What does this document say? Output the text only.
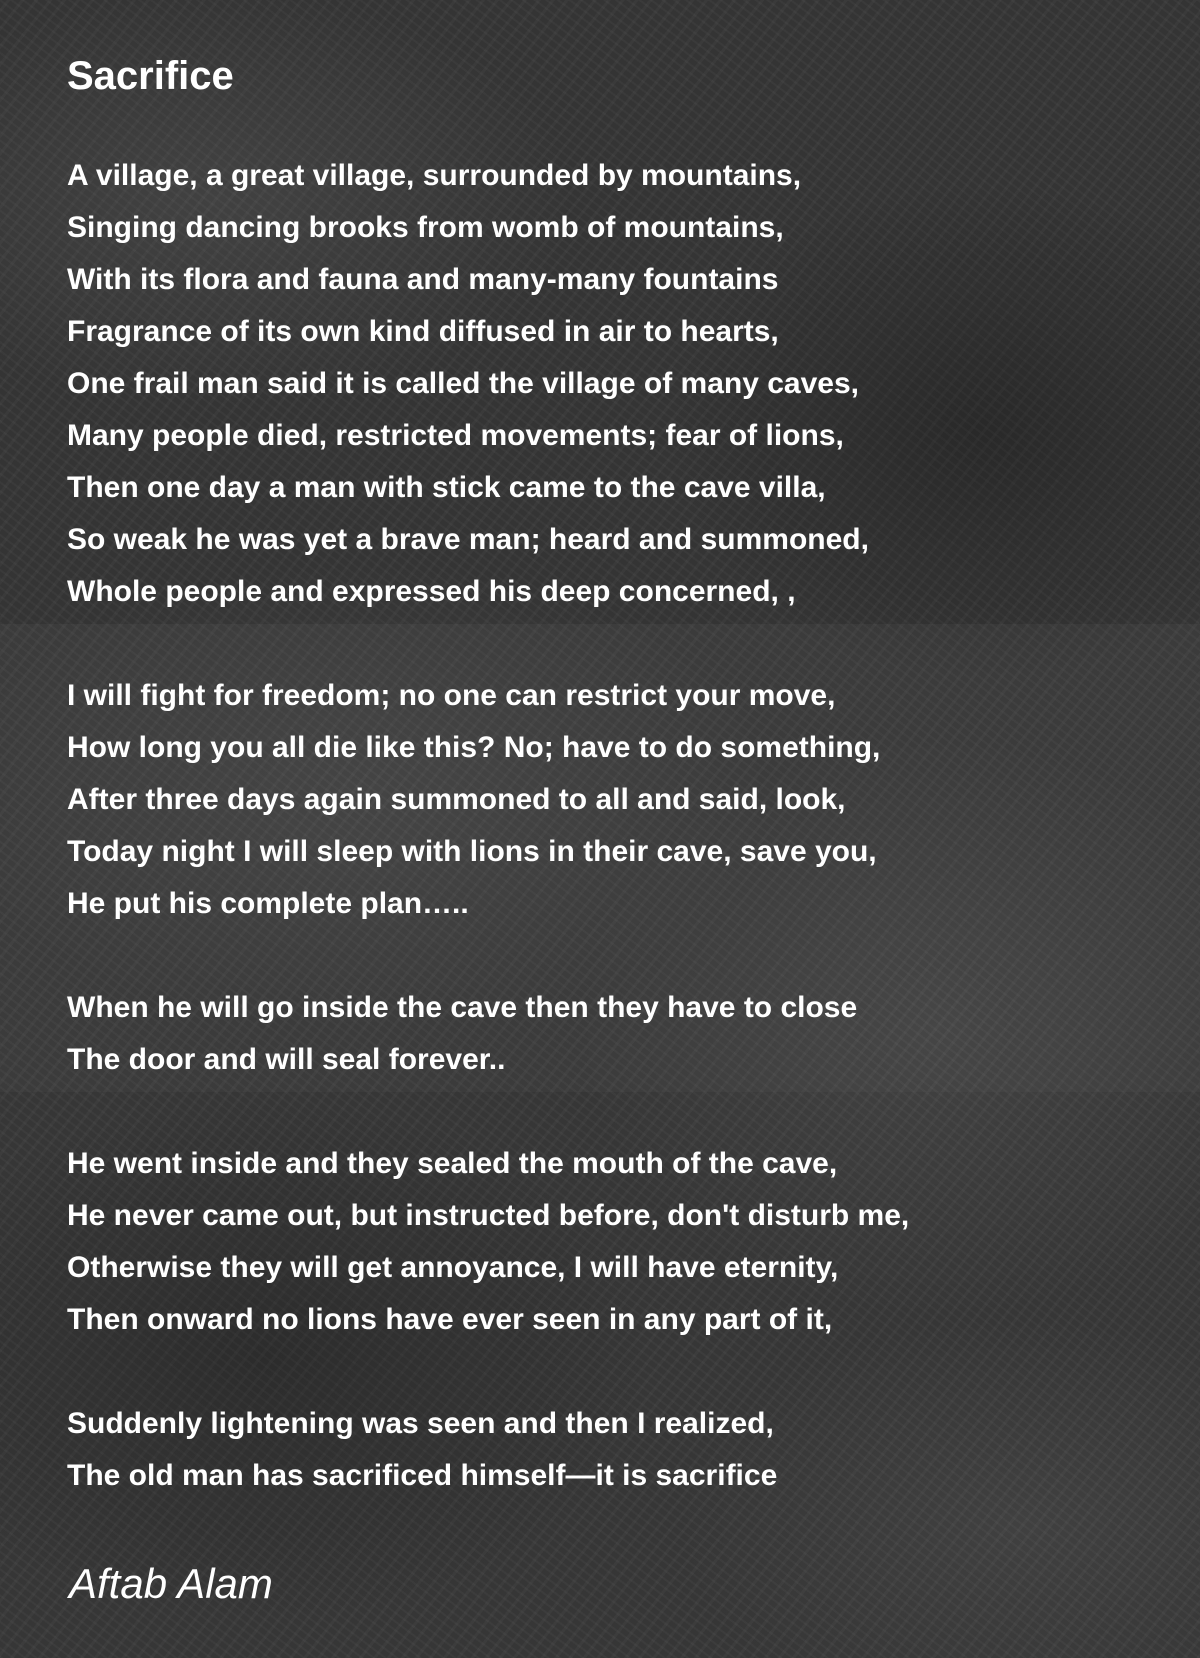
Sacrifice
A village, a great village, surrounded by mountains,
Singing dancing brooks from womb of mountains,
With its flora and fauna and many-many fountains
Fragrance of its own kind diffused in air to hearts,
One frail man said it is called the village of many caves,
Many people died, restricted movements; fear of lions,
Then one day a man with stick came to the cave villa,
So weak he was yet a brave man; heard and summoned,
Whole people and expressed his deep concerned, ,
I will fight for freedom; no one can restrict your move,
How long you all die like this? No; have to do something,
After three days again summoned to all and said, look,
Today night I will sleep with lions in their cave, save you,
He put his complete plan…..
When he will go inside the cave then they have to close
The door and will seal forever..
He went inside and they sealed the mouth of the cave,
He never came out, but instructed before, don't disturb me,
Otherwise they will get annoyance, I will have eternity,
Then onward no lions have ever seen in any part of it,
Suddenly lightening was seen and then I realized,
The old man has sacrificed himself—it is sacrifice
Aftab Alam
